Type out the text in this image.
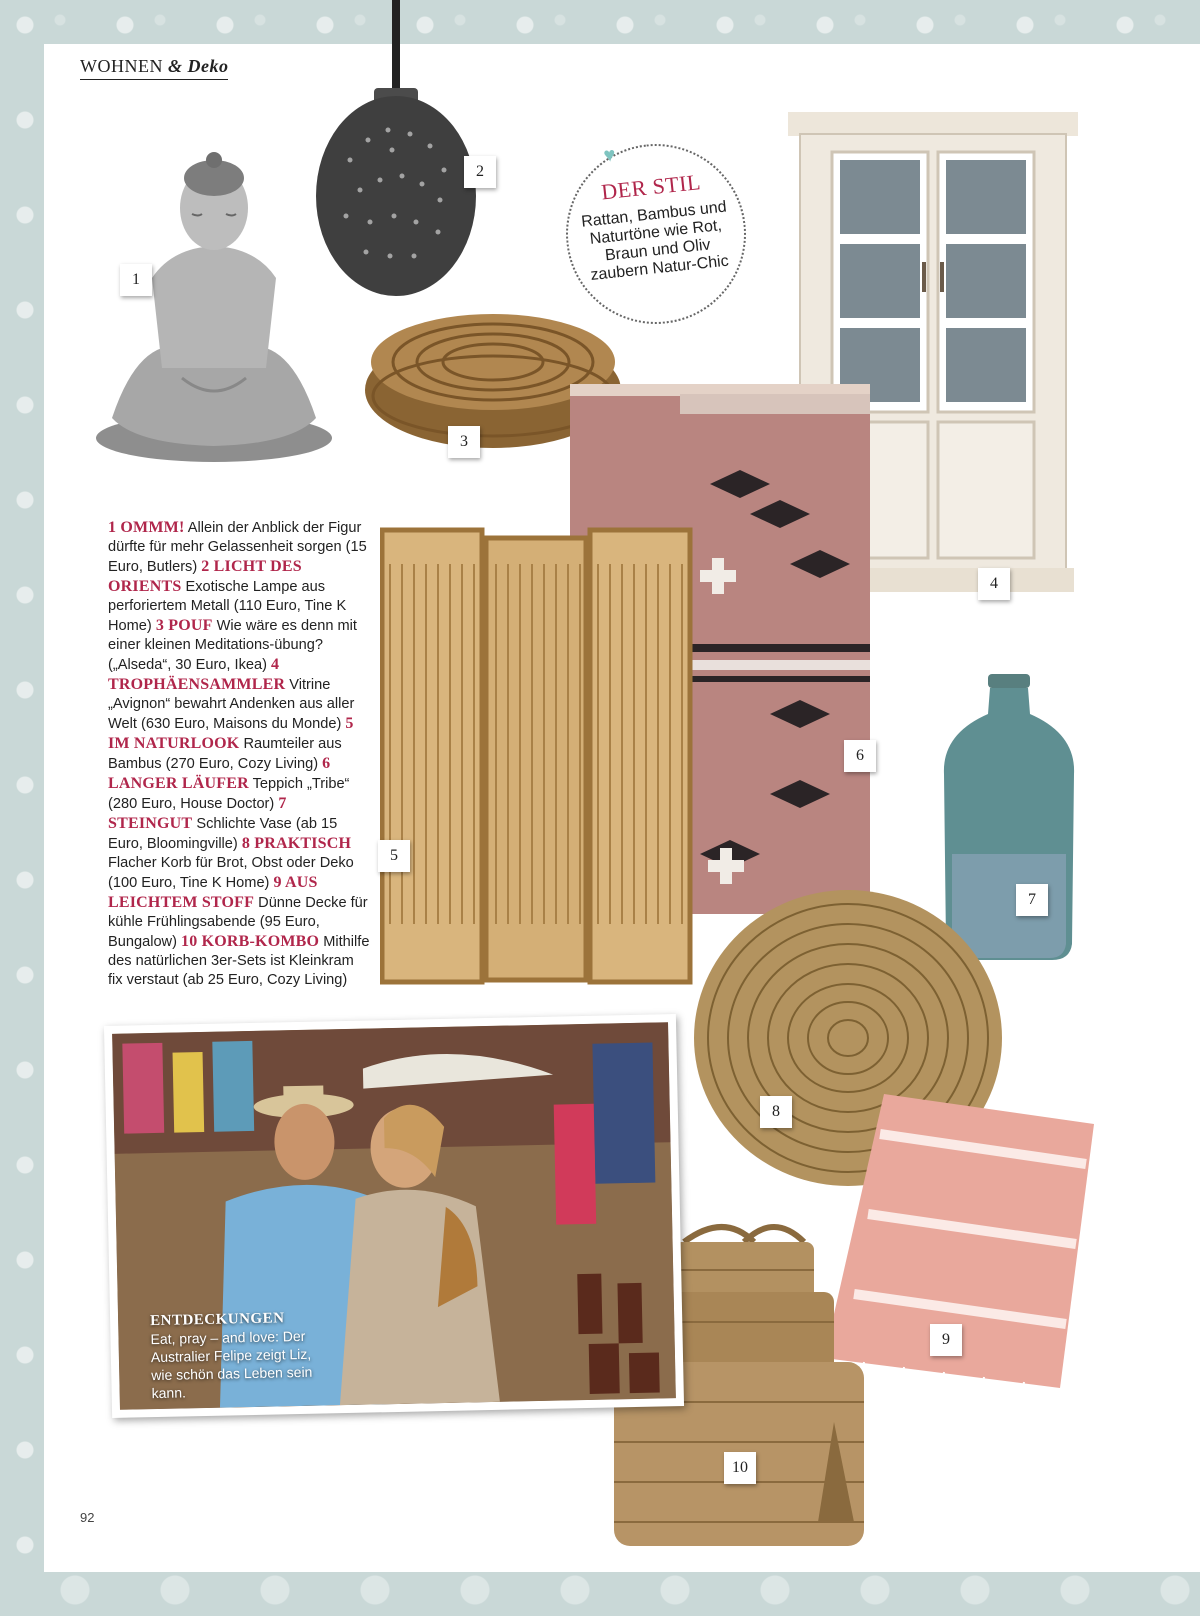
WOHNEN & Deko
1
2
3
4
5
6
7
8
9
10
♥
DER STIL
Rattan, Bambus und Naturtöne wie Rot, Braun und Oliv zaubern Natur-Chic
1 OMMM! Allein der Anblick der Figur dürfte für mehr Gelassenheit sorgen (15 Euro, Butlers) 2 LICHT DES ORIENTS Exotische Lampe aus perforiertem Metall (110 Euro, Tine K Home) 3 POUF Wie wäre es denn mit einer kleinen Meditations-übung? („Alseda“, 30 Euro, Ikea) 4 TROPHÄENSAMMLER Vitrine „Avignon“ bewahrt Andenken aus aller Welt (630 Euro, Maisons du Monde) 5 IM NATURLOOK Raumteiler aus Bambus (270 Euro, Cozy Living) 6 LANGER LÄUFER Teppich „Tribe“ (280 Euro, House Doctor) 7 STEINGUT Schlichte Vase (ab 15 Euro, Bloomingville) 8 PRAKTISCH Flacher Korb für Brot, Obst oder Deko (100 Euro, Tine K Home) 9 AUS LEICHTEM STOFF Dünne Decke für kühle Frühlingsabende (95 Euro, Bungalow) 10 KORB-KOMBO Mithilfe des natürlichen 3er-Sets ist Kleinkram fix verstaut (ab 25 Euro, Cozy Living)
ENTDECKUNGEN
Eat, pray – and love: Der Australier Felipe zeigt Liz, wie schön das Leben sein kann.
92
